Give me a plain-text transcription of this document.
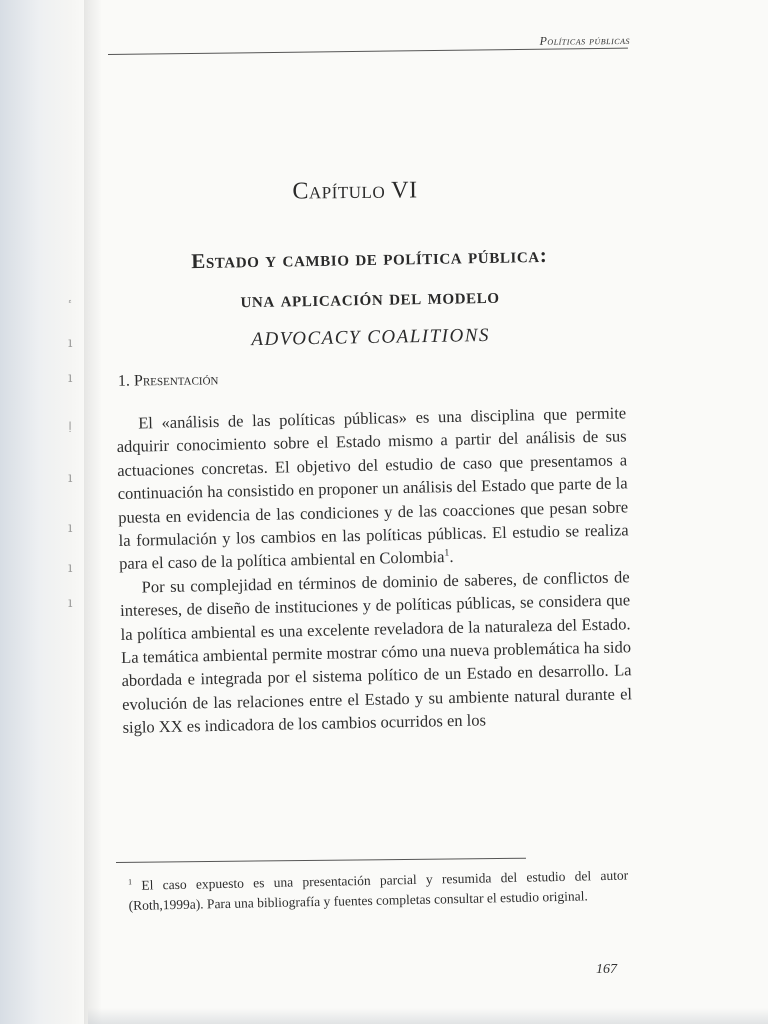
ٴ
ı
ı
ǃ
ı
ı
ı
ı
Políticas públicas
Capítulo VI
Estado y cambio de política pública:
una aplicación del modelo
ADVOCACY COALITIONS
1. Presentación

El «análisis de las políticas públicas» es una disciplina que permite adquirir conocimiento sobre el Estado mismo a partir del análisis de sus actuaciones concretas. El objetivo del estudio de caso que presentamos a continuación ha consistido en proponer un análisis del Estado que parte de la puesta en evidencia de las condiciones y de las coacciones que pesan sobre la formulación y los cambios en las políticas públicas. El estudio se realiza para el caso de la política ambiental en Colombia$^1$.

Por su complejidad en términos de dominio de saberes, de conflictos de intereses, de diseño de instituciones y de políticas públicas, se considera que la política ambiental es una excelente reveladora de la naturaleza del Estado. La temática ambiental permite mostrar cómo una nueva problemática ha sido abordada e integrada por el sistema político de un Estado en desarrollo. La evolución de las relaciones entre el Estado y su ambiente natural durante el siglo XX es indicadora de los cambios ocurridos en los

$^1$ El caso expuesto es una presentación parcial y resumida del estudio del autor (Roth,1999a). Para una bibliografía y fuentes completas consultar el estudio original.
167
